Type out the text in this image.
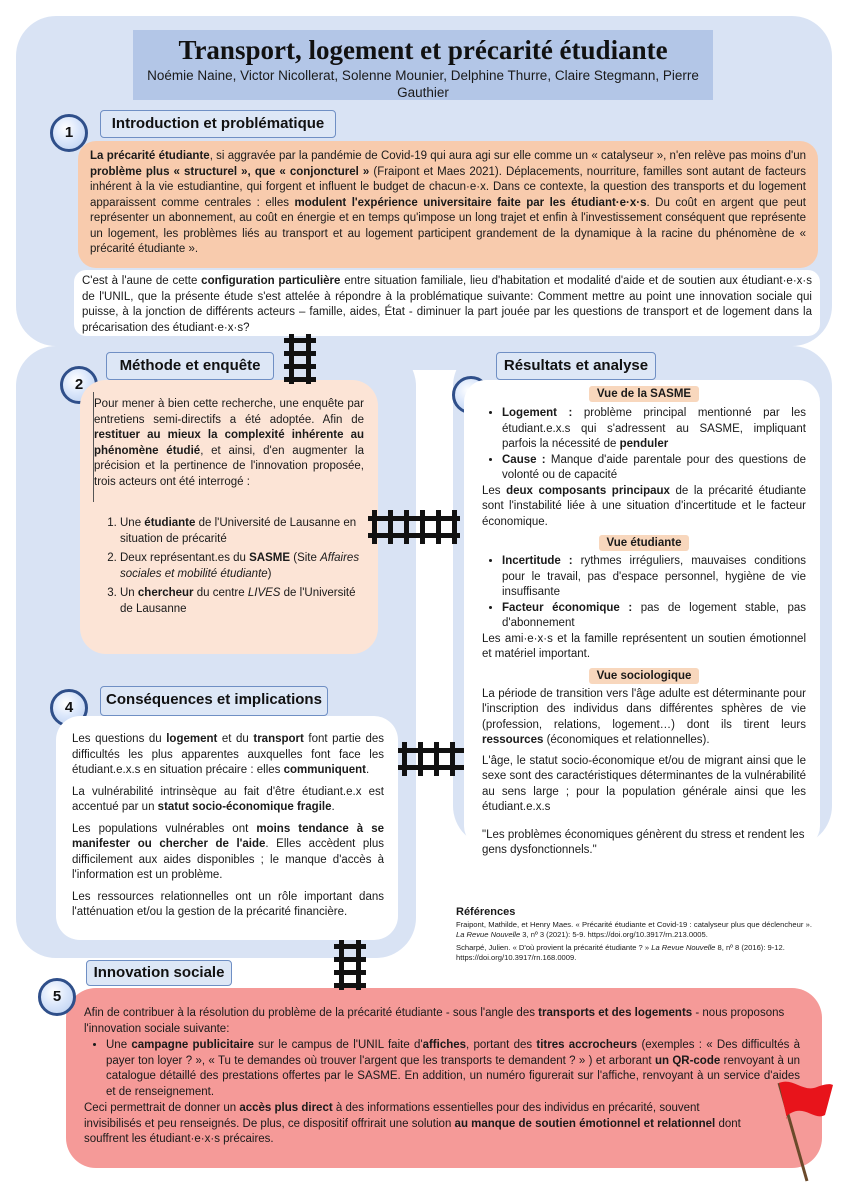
Transport, logement et précarité étudiante
Noémie Naine, Victor Nicollerat, Solenne Mounier, Delphine Thurre, Claire Stegmann, Pierre Gauthier
1
Introduction et problématique

La précarité étudiante, si aggravée par la pandémie de Covid-19 qui aura agi sur elle comme un « catalyseur », n'en relève pas moins d'un problème plus « structurel », que « conjoncturel » (Fraipont et Maes 2021). Déplacements, nourriture, familles sont autant de facteurs inhérent à la vie estudiantine, qui forgent et influent le budget de chacun·e·x. Dans ce contexte, la question des transports et du logement apparaissent comme centrales : elles modulent l'expérience universitaire faite par les étudiant·e·x·s. Du coût en argent que peut représenter un abonnement, au coût en énergie et en temps qu'impose un long trajet et enfin à l'investissement conséquent que représente un logement, les problèmes liés au transport et au logement participent grandement de la dynamique à la racine du phénomène de « précarité étudiante ».

C'est à l'aune de cette configuration particulière entre situation familiale, lieu d'habitation et modalité d'aide et de soutien aux étudiant·e·x·s de l'UNIL, que la présente étude s'est attelée à répondre à la problématique suivante: Comment mettre au point une innovation sociale qui puisse, à la jonction de différents acteurs – famille, aides, État - diminuer la part jouée par les questions de transport et de logement dans la précarisation des étudiant·e·x·s?

2
Méthode et enquête

Pour mener à bien cette recherche, une enquête par entretiens semi-directifs a été adoptée. Afin de restituer au mieux la complexité inhérente au phénomène étudié, et ainsi, d'en augmenter la précision et la pertinence de l'innovation proposée, trois acteurs ont été interrogé :

1. Une étudiante de l'Université de Lausanne en situation de précarité
2. Deux représentant.es du SASME (Site Affaires sociales et mobilité étudiante)
3. Un chercheur du centre LIVES de l'Université de Lausanne
Résultats et analyse
Vue de la SASME
• Logement : problème principal mentionné par les étudiant.e.x.s qui s'adressent au SASME, impliquant parfois la nécessité de penduler
• Cause : Manque d'aide parentale pour des questions de volonté ou de capacité

Les deux composants principaux de la précarité étudiante sont l'instabilité liée à une situation d'incertitude et le facteur économique.

Vue étudiante
• Incertitude : rythmes irréguliers, mauvaises conditions pour le travail, pas d'espace personnel, hygiène de vie insuffisante
• Facteur économique : pas de logement stable, pas d'abonnement

Les ami·e·x·s et la famille représentent un soutien émotionnel et matériel important.

Vue sociologique

La période de transition vers l'âge adulte est déterminante pour l'inscription des individus dans différentes sphères de vie (profession, relations, logement…) dont ils tirent leurs ressources (économiques et relationnelles).

L'âge, le statut socio-économique et/ou de migrant ainsi que le sexe sont des caractéristiques déterminantes de la vulnérabilité au sens large ; pour la population générale ainsi que les étudiant.e.x.s

"Les problèmes économiques génèrent du stress et rendent les gens dysfonctionnels."

4	Conséquences et implications

Les questions du logement et du transport font partie des difficultés les plus apparentes auxquelles font face les étudiant.e.x.s en situation précaire : elles communiquent.

La vulnérabilité intrinsèque au fait d'être étudiant.e.x est accentué par un statut socio-économique fragile.

Les populations vulnérables ont moins tendance à se manifester ou chercher de l'aide. Elles accèdent plus difficilement aux aides disponibles ; le manque d'accès à l'information est un problème.

Les ressources relationnelles ont un rôle important dans l'atténuation et/ou la gestion de la précarité financière.	Références

Fraipont, Mathilde, et Henry Maes. « Précarité étudiante et Covid-19 : catalyseur plus que déclencheur ». La Revue Nouvelle 3, nº 3 (2021): 5‑9. https://doi.org/10.3917/rn.213.0005.

Scharpé, Julien. « D'où provient la précarité étudiante ? » La Revue Nouvelle 8, nº 8 (2016): 9‑12. https://doi.org/10.3917/rn.168.0009.

Afin de contribuer à la résolution du problème de la précarité étudiante - sous l'angle des transports et des logements - nous proposons l'innovation sociale suivante:

• Une campagne publicitaire sur le campus de l'UNIL faite d'affiches, portant des titres accrocheurs (exemples : « Des difficultés à payer ton loyer ? », « Tu te demandes où trouver l'argent que les transports te demandent ? » ) et arborant un QR-code renvoyant à un catalogue détaillé des prestations offertes par le SASME. En addition, un numéro figurerait sur l'affiche, renvoyant à un service d'aides et de renseignement.

Ceci permettrait de donner un accès plus direct à des informations essentielles pour des individus en précarité, souvent invisibilisés et peu renseignés. De plus, ce dispositif offrirait une solution au manque de soutien émotionnel et relationnel dont souffrent les étudiant·e·x·s précaires.

5
Innovation sociale
